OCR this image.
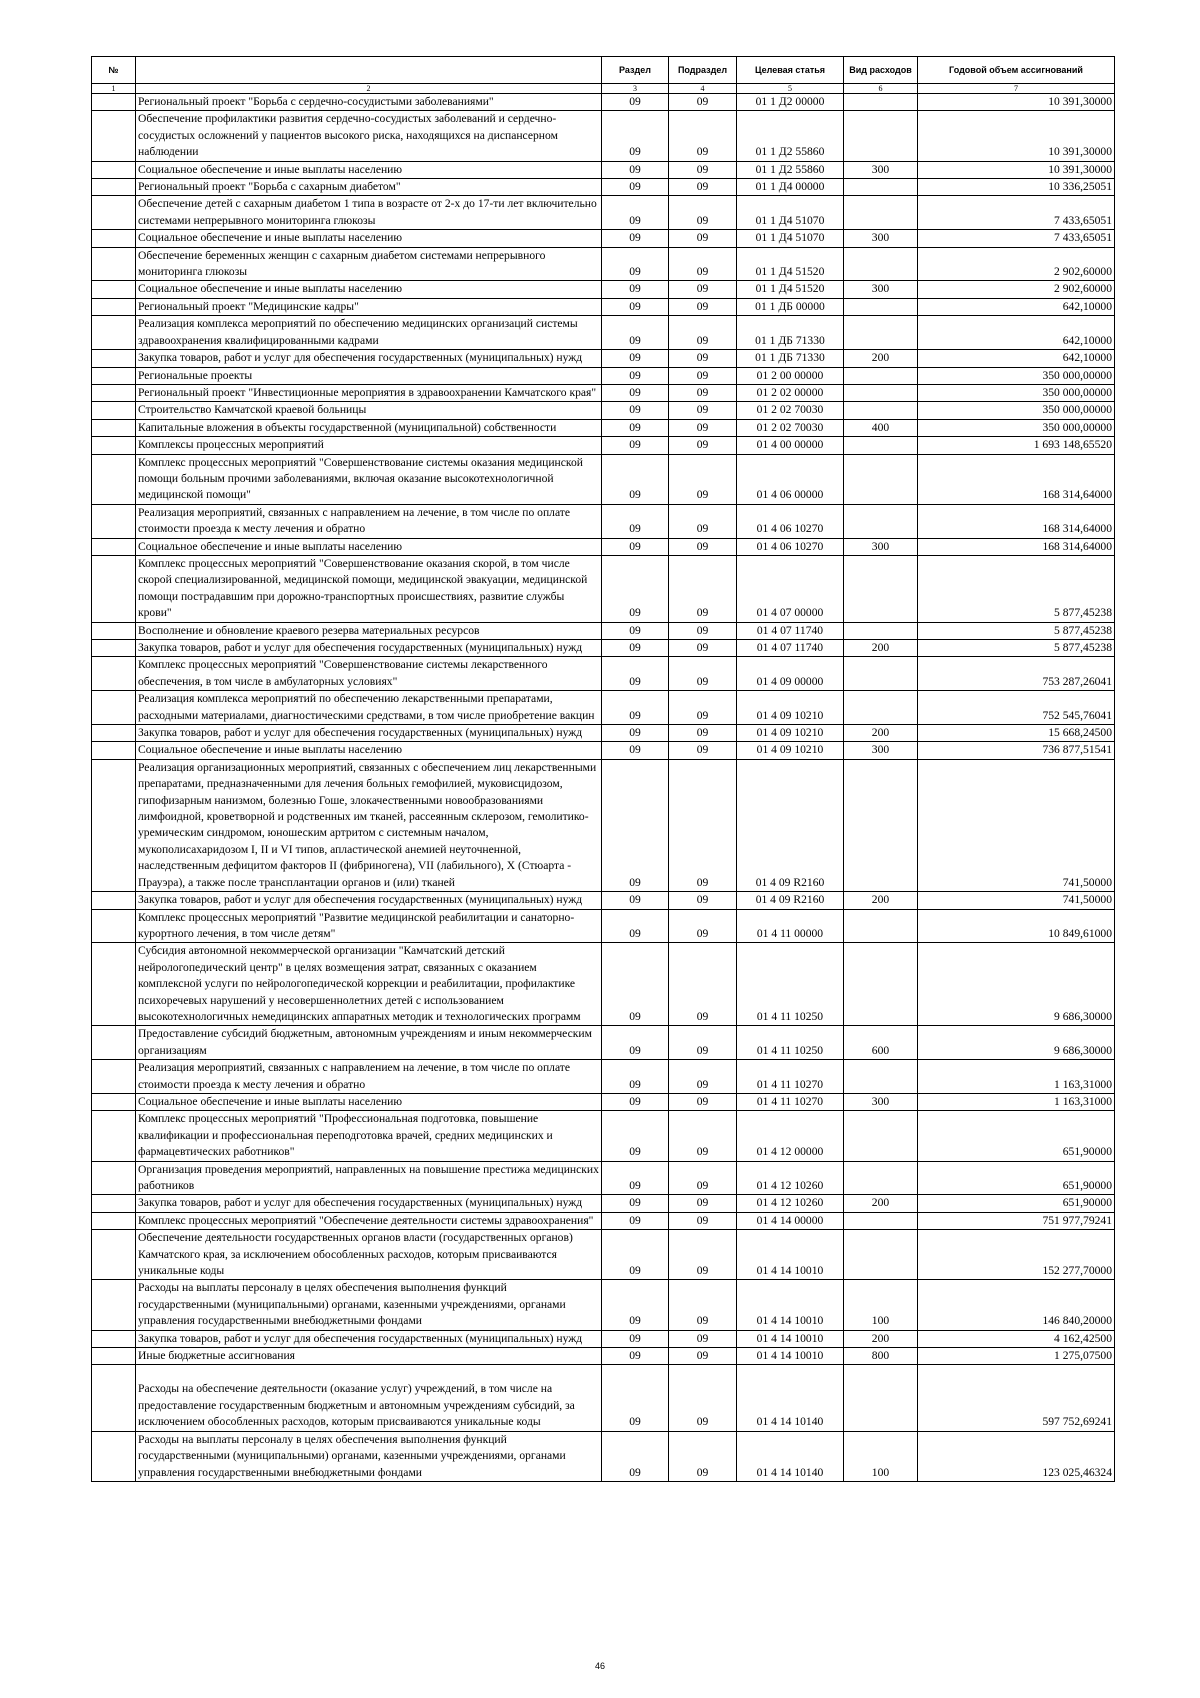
№		Раздел	Подраздел	Целевая статья	Вид расходов	Годовой объем ассигнований
1	2	3	4	5	6	7
	Региональный проект "Борьба с сердечно-сосудистыми заболеваниями"	09	09	01 1 Д2 00000		10 391,30000
	Обеспечение профилактики развития сердечно-сосудистых заболеваний и сердечно-сосудистых осложнений у пациентов высокого риска, находящихся на диспансерном наблюдении	09	09	01 1 Д2 55860		10 391,30000
	Социальное обеспечение и иные выплаты населению	09	09	01 1 Д2 55860	300	10 391,30000
	Региональный проект "Борьба с сахарным диабетом"	09	09	01 1 Д4 00000		10 336,25051
	Обеспечение детей с сахарным диабетом 1 типа в возрасте от 2-х до 17-ти лет включительно системами непрерывного мониторинга глюкозы	09	09	01 1 Д4 51070		7 433,65051
	Социальное обеспечение и иные выплаты населению	09	09	01 1 Д4 51070	300	7 433,65051
	Обеспечение беременных женщин с сахарным диабетом системами непрерывного мониторинга глюкозы	09	09	01 1 Д4 51520		2 902,60000
	Социальное обеспечение и иные выплаты населению	09	09	01 1 Д4 51520	300	2 902,60000
	Региональный проект "Медицинские кадры"	09	09	01 1 ДБ 00000		642,10000
	Реализация комплекса мероприятий по обеспечению медицинских организаций системы здравоохранения квалифицированными кадрами	09	09	01 1 ДБ 71330		642,10000
	Закупка товаров, работ и услуг для обеспечения государственных (муниципальных) нужд	09	09	01 1 ДБ 71330	200	642,10000
	Региональные проекты	09	09	01 2 00 00000		350 000,00000
	Региональный проект "Инвестиционные мероприятия в здравоохранении Камчатского края"	09	09	01 2 02 00000		350 000,00000
	Строительство Камчатской краевой больницы	09	09	01 2 02 70030		350 000,00000
	Капитальные вложения в объекты государственной (муниципальной) собственности	09	09	01 2 02 70030	400	350 000,00000
	Комплексы процессных мероприятий	09	09	01 4 00 00000		1 693 148,65520
	Комплекс процессных мероприятий "Совершенствование системы оказания медицинской помощи больным прочими заболеваниями, включая оказание высокотехнологичной медицинской помощи"	09	09	01 4 06 00000		168 314,64000
	Реализация мероприятий, связанных с направлением на лечение, в том числе по оплате стоимости проезда к месту лечения и обратно	09	09	01 4 06 10270		168 314,64000
	Социальное обеспечение и иные выплаты населению	09	09	01 4 06 10270	300	168 314,64000
	Комплекс процессных мероприятий "Совершенствование оказания скорой, в том числе скорой специализированной, медицинской помощи, медицинской эвакуации, медицинской помощи пострадавшим при дорожно-транспортных происшествиях, развитие службы крови"	09	09	01 4 07 00000		5 877,45238
	Восполнение и обновление краевого резерва материальных ресурсов	09	09	01 4 07 11740		5 877,45238
	Закупка товаров, работ и услуг для обеспечения государственных (муниципальных) нужд	09	09	01 4 07 11740	200	5 877,45238
	Комплекс процессных мероприятий "Совершенствование системы лекарственного обеспечения, в том числе в амбулаторных условиях"	09	09	01 4 09 00000		753 287,26041
	Реализация комплекса мероприятий по обеспечению лекарственными препаратами, расходными материалами, диагностическими средствами, в том числе приобретение вакцин	09	09	01 4 09 10210		752 545,76041
	Закупка товаров, работ и услуг для обеспечения государственных (муниципальных) нужд	09	09	01 4 09 10210	200	15 668,24500
	Социальное обеспечение и иные выплаты населению	09	09	01 4 09 10210	300	736 877,51541
	Реализация организационных мероприятий, связанных с обеспечением лиц лекарственными препаратами, предназначенными для лечения больных гемофилией, муковисцидозом, гипофизарным нанизмом, болезнью Гоше, злокачественными новообразованиями лимфоидной, кроветворной и родственных им тканей, рассеянным склерозом, гемолитико-уремическим синдромом, юношеским артритом с системным началом, мукополисахаридозом I, II и VI типов, апластической анемией неуточненной, наследственным дефицитом факторов II (фибриногена), VII (лабильного), X (Стюарта - Прауэра), а также после трансплантации органов и (или) тканей	09	09	01 4 09 R2160		741,50000
	Закупка товаров, работ и услуг для обеспечения государственных (муниципальных) нужд	09	09	01 4 09 R2160	200	741,50000
	Комплекс процессных мероприятий "Развитие медицинской реабилитации и санаторно-курортного лечения, в том числе детям"	09	09	01 4 11 00000		10 849,61000
	Субсидия автономной некоммерческой организации "Камчатский детский нейрологопедический центр" в целях возмещения затрат, связанных с оказанием комплексной услуги по нейрологопедической коррекции и реабилитации, профилактике психоречевых нарушений у несовершеннолетних детей с использованием высокотехнологичных немедицинских аппаратных методик и технологических программ	09	09	01 4 11 10250		9 686,30000
	Предоставление субсидий бюджетным, автономным учреждениям и иным некоммерческим организациям	09	09	01 4 11 10250	600	9 686,30000
	Реализация мероприятий, связанных с направлением на лечение, в том числе по оплате стоимости проезда к месту лечения и обратно	09	09	01 4 11 10270		1 163,31000
	Социальное обеспечение и иные выплаты населению	09	09	01 4 11 10270	300	1 163,31000
	Комплекс процессных мероприятий "Профессиональная подготовка, повышение квалификации и профессиональная переподготовка врачей, средних медицинских и фармацевтических работников"	09	09	01 4 12 00000		651,90000
	Организация проведения мероприятий, направленных на повышение престижа медицинских работников	09	09	01 4 12 10260		651,90000
	Закупка товаров, работ и услуг для обеспечения государственных (муниципальных) нужд	09	09	01 4 12 10260	200	651,90000
	Комплекс процессных мероприятий "Обеспечение деятельности системы здравоохранения"	09	09	01 4 14 00000		751 977,79241
	Обеспечение деятельности государственных органов власти (государственных органов) Камчатского края, за исключением обособленных расходов, которым присваиваются уникальные коды	09	09	01 4 14 10010		152 277,70000
	Расходы на выплаты персоналу в целях обеспечения выполнения функций государственными (муниципальными) органами, казенными учреждениями, органами управления государственными внебюджетными фондами	09	09	01 4 14 10010	100	146 840,20000
	Закупка товаров, работ и услуг для обеспечения государственных (муниципальных) нужд	09	09	01 4 14 10010	200	4 162,42500
	Иные бюджетные ассигнования	09	09	01 4 14 10010	800	1 275,07500
	Расходы на обеспечение деятельности (оказание услуг) учреждений, в том числе на предоставление государственным бюджетным и автономным учреждениям субсидий, за исключением обособленных расходов, которым присваиваются уникальные коды	09	09	01 4 14 10140		597 752,69241
	Расходы на выплаты персоналу в целях обеспечения выполнения функций государственными (муниципальными) органами, казенными учреждениями, органами управления государственными внебюджетными фондами	09	09	01 4 14 10140	100	123 025,46324
46
